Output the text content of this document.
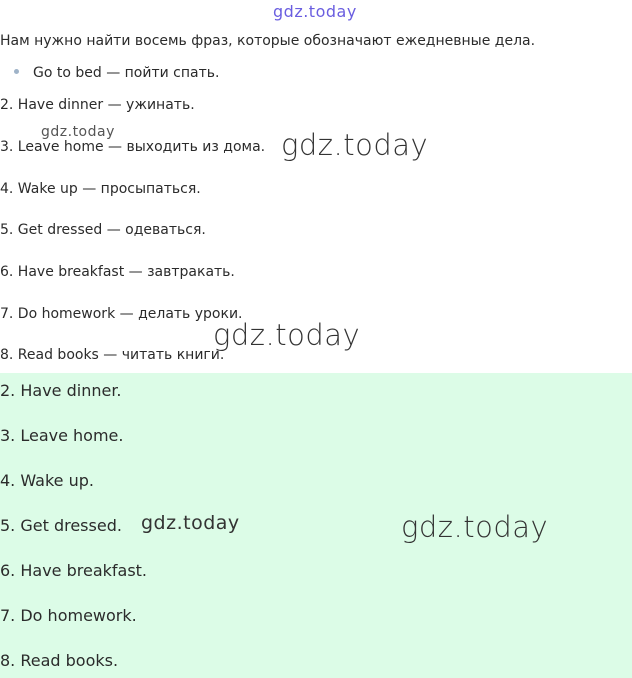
gdz.today
Нам нужно найти восемь фраз, которые обозначают ежедневные дела.
Go to bed — пойти спать.
2. Have dinner — ужинать.
3. Leave home — выходить из дома.
4. Wake up — просыпаться.
5. Get dressed — одеваться.
6. Have breakfast — завтракать.
7. Do homework — делать уроки.
8. Read books — читать книги.
2. Have dinner.
3. Leave home.
4. Wake up.
5. Get dressed.
6. Have breakfast.
7. Do homework.
8. Read books.
gdz.today	gdz.today
gdz.today
gdz.today
gdz.today
